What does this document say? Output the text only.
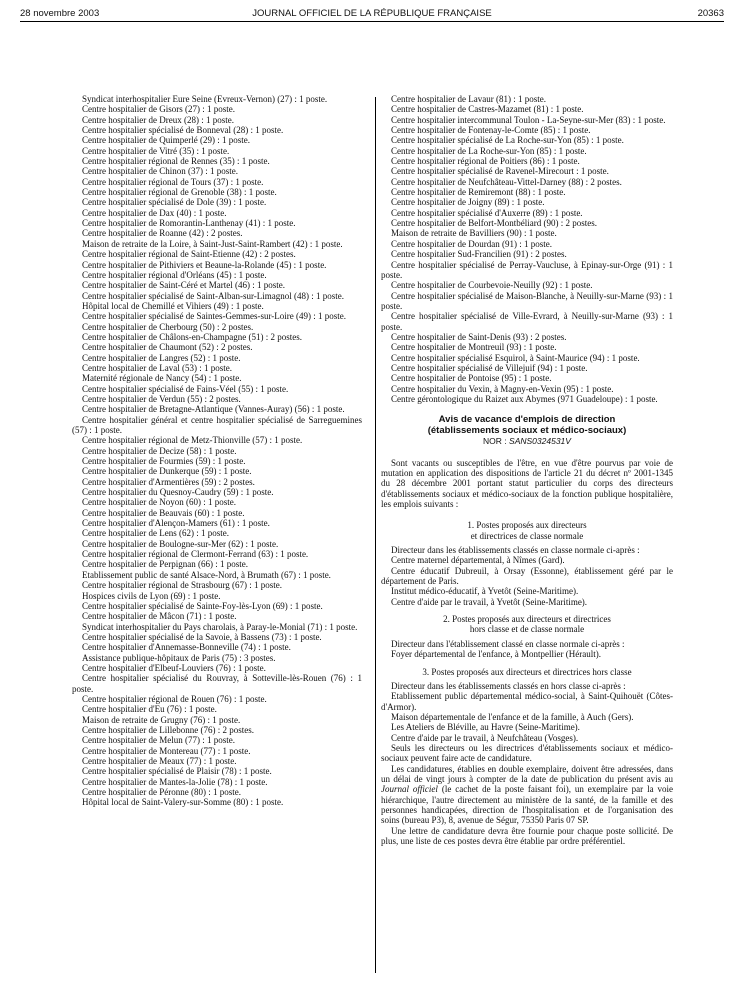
28 novembre 2003	JOURNAL OFFICIEL DE LA RÉPUBLIQUE FRANÇAISE	20363

Syndicat interhospitalier Eure Seine (Evreux-Vernon) (27) : 1 poste.

Centre hospitalier de Gisors (27) : 1 poste.

Centre hospitalier de Dreux (28) : 1 poste.

Centre hospitalier spécialisé de Bonneval (28) : 1 poste.

Centre hospitalier de Quimperlé (29) : 1 poste.

Centre hospitalier de Vitré (35) : 1 poste.

Centre hospitalier régional de Rennes (35) : 1 poste.

Centre hospitalier de Chinon (37) : 1 poste.

Centre hospitalier régional de Tours (37) : 1 poste.

Centre hospitalier régional de Grenoble (38) : 1 poste.

Centre hospitalier spécialisé de Dole (39) : 1 poste.

Centre hospitalier de Dax (40) : 1 poste.

Centre hospitalier de Romorantin-Lanthenay (41) : 1 poste.

Centre hospitalier de Roanne (42) : 2 postes.

Maison de retraite de la Loire, à Saint-Just-Saint-Rambert (42) : 1 poste.

Centre hospitalier régional de Saint-Etienne (42) : 2 postes.

Centre hospitalier de Pithiviers et Beaune-la-Rolande (45) : 1 poste.

Centre hospitalier régional d'Orléans (45) : 1 poste.

Centre hospitalier de Saint-Céré et Martel (46) : 1 poste.

Centre hospitalier spécialisé de Saint-Alban-sur-Limagnol (48) : 1 poste.

Hôpital local de Chemillé et Vihiers (49) : 1 poste.

Centre hospitalier spécialisé de Saintes-Gemmes-sur-Loire (49) : 1 poste.

Centre hospitalier de Cherbourg (50) : 2 postes.

Centre hospitalier de Châlons-en-Champagne (51) : 2 postes.

Centre hospitalier de Chaumont (52) : 2 postes.

Centre hospitalier de Langres (52) : 1 poste.

Centre hospitalier de Laval (53) : 1 poste.

Maternité régionale de Nancy (54) : 1 poste.

Centre hospitalier spécialisé de Fains-Véel (55) : 1 poste.

Centre hospitalier de Verdun (55) : 2 postes.

Centre hospitalier de Bretagne-Atlantique (Vannes-Auray) (56) : 1 poste.

Centre hospitalier général et centre hospitalier spécialisé de Sarreguemines (57) : 1 poste.

Centre hospitalier régional de Metz-Thionville (57) : 1 poste.

Centre hospitalier de Decize (58) : 1 poste.

Centre hospitalier de Fourmies (59) : 1 poste.

Centre hospitalier de Dunkerque (59) : 1 poste.

Centre hospitalier d'Armentières (59) : 2 postes.

Centre hospitalier du Quesnoy-Caudry (59) : 1 poste.

Centre hospitalier de Noyon (60) : 1 poste.

Centre hospitalier de Beauvais (60) : 1 poste.

Centre hospitalier d'Alençon-Mamers (61) : 1 poste.

Centre hospitalier de Lens (62) : 1 poste.

Centre hospitalier de Boulogne-sur-Mer (62) : 1 poste.

Centre hospitalier régional de Clermont-Ferrand (63) : 1 poste.

Centre hospitalier de Perpignan (66) : 1 poste.

Etablissement public de santé Alsace-Nord, à Brumath (67) : 1 poste.

Centre hospitalier régional de Strasbourg (67) : 1 poste.

Hospices civils de Lyon (69) : 1 poste.

Centre hospitalier spécialisé de Sainte-Foy-lès-Lyon (69) : 1 poste.

Centre hospitalier de Mâcon (71) : 1 poste.

Syndicat interhospitalier du Pays charolais, à Paray-le-Monial (71) : 1 poste.

Centre hospitalier spécialisé de la Savoie, à Bassens (73) : 1 poste.

Centre hospitalier d'Annemasse-Bonneville (74) : 1 poste.

Assistance publique-hôpitaux de Paris (75) : 3 postes.

Centre hospitalier d'Elbeuf-Louviers (76) : 1 poste.

Centre hospitalier spécialisé du Rouvray, à Sotteville-lès-Rouen (76) : 1 poste.

Centre hospitalier régional de Rouen (76) : 1 poste.

Centre hospitalier d'Eu (76) : 1 poste.

Maison de retraite de Grugny (76) : 1 poste.

Centre hospitalier de Lillebonne (76) : 2 postes.

Centre hospitalier de Melun (77) : 1 poste.

Centre hospitalier de Montereau (77) : 1 poste.

Centre hospitalier de Meaux (77) : 1 poste.

Centre hospitalier spécialisé de Plaisir (78) : 1 poste.

Centre hospitalier de Mantes-la-Jolie (78) : 1 poste.

Centre hospitalier de Péronne (80) : 1 poste.

Hôpital local de Saint-Valery-sur-Somme (80) : 1 poste.

Centre hospitalier de Lavaur (81) : 1 poste.

Centre hospitalier de Castres-Mazamet (81) : 1 poste.

Centre hospitalier intercommunal Toulon - La-Seyne-sur-Mer (83) : 1 poste.

Centre hospitalier de Fontenay-le-Comte (85) : 1 poste.

Centre hospitalier spécialisé de La Roche-sur-Yon (85) : 1 poste.

Centre hospitalier de La Roche-sur-Yon (85) : 1 poste.

Centre hospitalier régional de Poitiers (86) : 1 poste.

Centre hospitalier spécialisé de Ravenel-Mirecourt : 1 poste.

Centre hospitalier de Neufchâteau-Vittel-Darney (88) : 2 postes.

Centre hospitalier de Remiremont (88) : 1 poste.

Centre hospitalier de Joigny (89) : 1 poste.

Centre hospitalier spécialisé d'Auxerre (89) : 1 poste.

Centre hospitalier de Belfort-Montbéliard (90) : 2 postes.

Maison de retraite de Bavilliers (90) : 1 poste.

Centre hospitalier de Dourdan (91) : 1 poste.

Centre hospitalier Sud-Francilien (91) : 2 postes.

Centre hospitalier spécialisé de Perray-Vaucluse, à Epinay-sur-Orge (91) : 1 poste.

Centre hospitalier de Courbevoie-Neuilly (92) : 1 poste.

Centre hospitalier spécialisé de Maison-Blanche, à Neuilly-sur-Marne (93) : 1 poste.

Centre hospitalier spécialisé de Ville-Evrard, à Neuilly-sur-Marne (93) : 1 poste.

Centre hospitalier de Saint-Denis (93) : 2 postes.

Centre hospitalier de Montreuil (93) : 1 poste.

Centre hospitalier spécialisé Esquirol, à Saint-Maurice (94) : 1 poste.

Centre hospitalier spécialisé de Villejuif (94) : 1 poste.

Centre hospitalier de Pontoise (95) : 1 poste.

Centre hospitalier du Vexin, à Magny-en-Vexin (95) : 1 poste.

Centre gérontologique du Raizet aux Abymes (971 Guadeloupe) : 1 poste.

Avis de vacance d'emplois de direction

(établissements sociaux et médico-sociaux)

NOR : SANS0324531V

Sont vacants ou susceptibles de l'être, en vue d'être pourvus par voie de mutation en application des dispositions de l'article 21 du décret nº 2001-1345 du 28 décembre 2001 portant statut particulier du corps des directeurs d'établissements sociaux et médico-sociaux de la fonction publique hospitalière, les emplois suivants :

1. Postes proposés aux directeurs

et directrices de classe normale

Directeur dans les établissements classés en classe normale ci-après :

Centre maternel départemental, à Nîmes (Gard).

Centre éducatif Dubreuil, à Orsay (Essonne), établissement géré par le département de Paris.

Institut médico-éducatif, à Yvetôt (Seine-Maritime).

Centre d'aide par le travail, à Yvetôt (Seine-Maritime).

2. Postes proposés aux directeurs et directrices

hors classe et de classe normale

Directeur dans l'établissement classé en classe normale ci-après :

Foyer départemental de l'enfance, à Montpellier (Hérault).

3. Postes proposés aux directeurs et directrices hors classe

Directeur dans les établissements classés en hors classe ci-après :

Etablissement public départemental médico-social, à Saint-Quihouët (Côtes-d'Armor).

Maison départementale de l'enfance et de la famille, à Auch (Gers).

Les Ateliers de Bléville, au Havre (Seine-Maritime).

Centre d'aide par le travail, à Neufchâteau (Vosges).

Seuls les directeurs ou les directrices d'établissements sociaux et médico-sociaux peuvent faire acte de candidature.

Les candidatures, établies en double exemplaire, doivent être adressées, dans un délai de vingt jours à compter de la date de publication du présent avis au Journal officiel (le cachet de la poste faisant foi), un exemplaire par la voie hiérarchique, l'autre directement au ministère de la santé, de la famille et des personnes handicapées, direction de l'hospitalisation et de l'organisation des soins (bureau P3), 8, avenue de Ségur, 75350 Paris 07 SP.

Une lettre de candidature devra être fournie pour chaque poste sollicité. De plus, une liste de ces postes devra être établie par ordre préférentiel.
